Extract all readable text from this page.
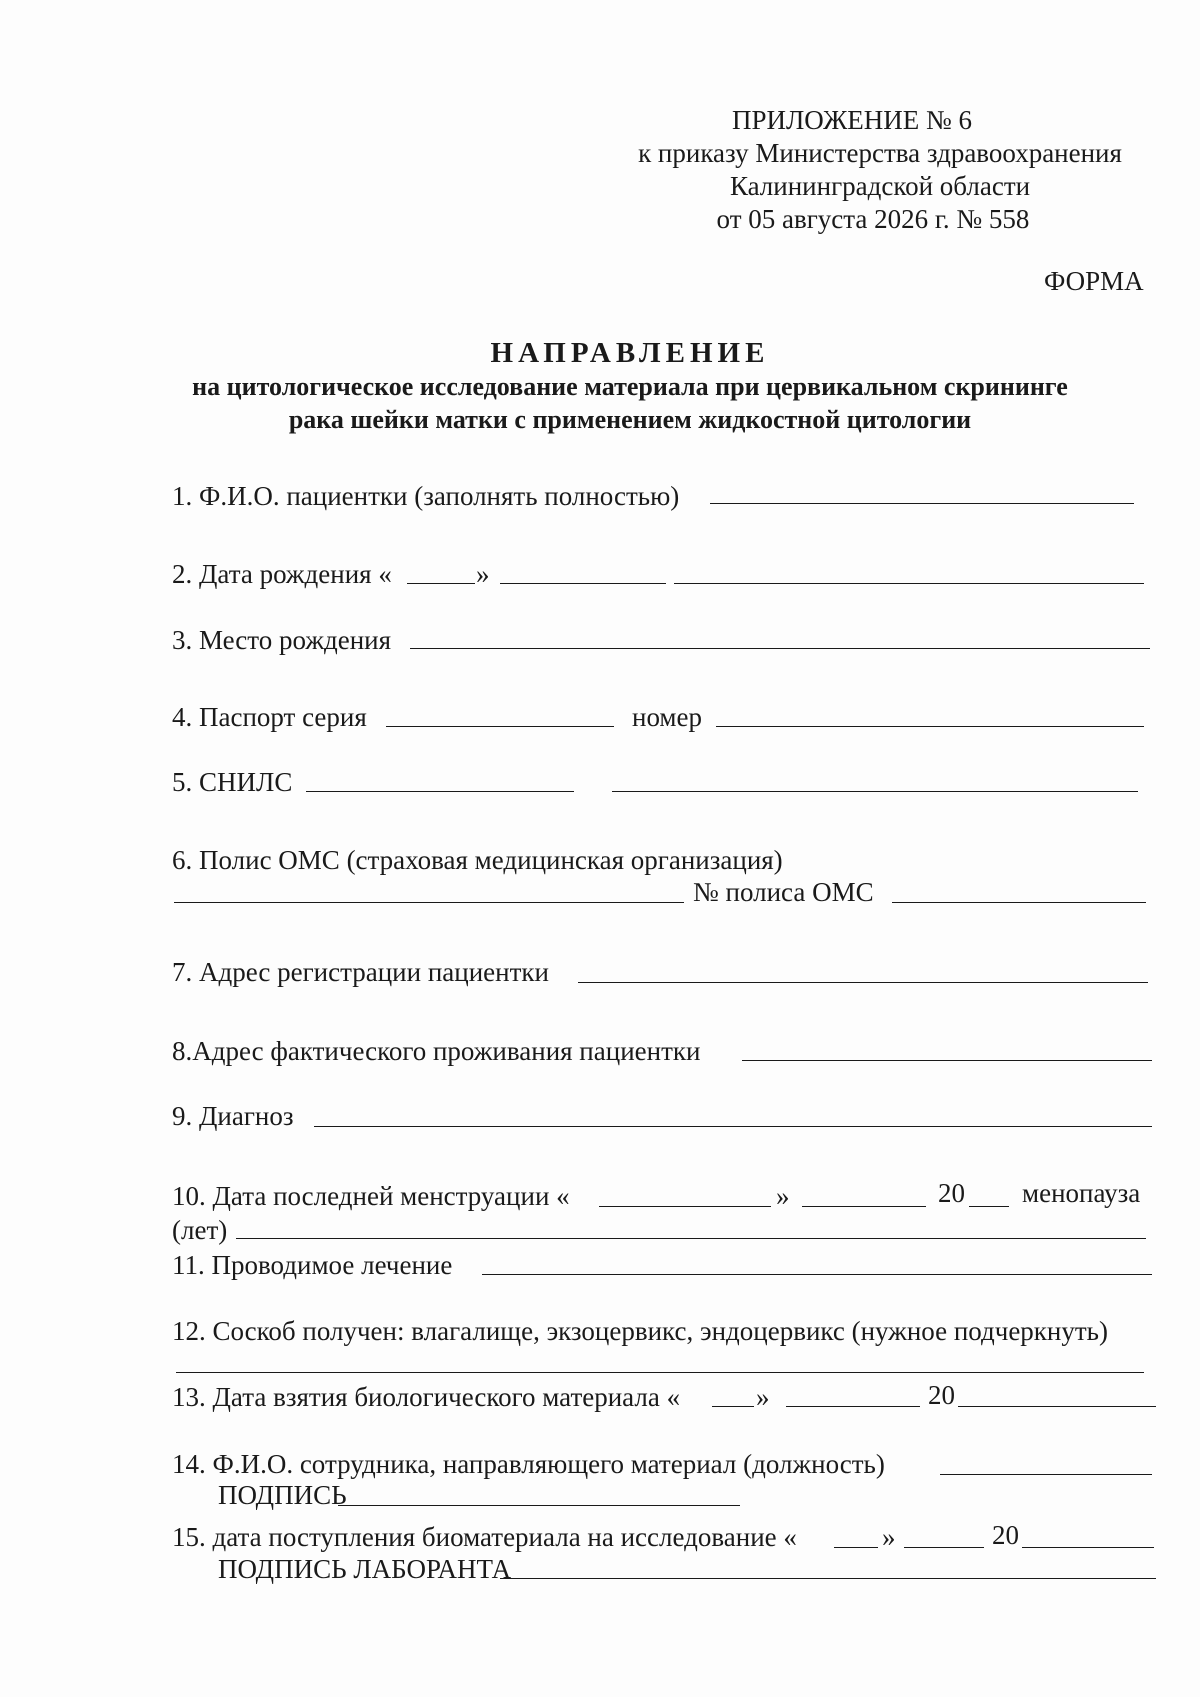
ПРИЛОЖЕНИЕ № 6
к приказу Министерства здравоохранения
Калининградской области
от 05 августа 2026 г. № 558
ФОРМА
НАПРАВЛЕНИЕ
на цитологическое исследование материала при цервикальном скрининге
рака шейки матки с применением жидкостной цитологии
1. Ф.И.О. пациентки (заполнять полностью)
2. Дата рождения «	»
3. Место рождения
4. Паспорт серия	номер
5. СНИЛС
6. Полис ОМС (страховая медицинская организация)
№ полиса ОМС
7. Адрес регистрации пациентки
8.Адрес фактического проживания пациентки
9. Диагноз
10. Дата последней менструации «	»	20 менопауза
(лет)
11. Проводимое лечение
12. Соскоб получен: влагалище, экзоцервикс, эндоцервикс (нужное подчеркнуть)
13. Дата взятия биологического материала «	»	20
14. Ф.И.О. сотрудника, направляющего материал (должность)
ПОДПИСЬ
15. дата поступления биоматериала на исследование «	»	20
ПОДПИСЬ ЛАБОРАНТА
